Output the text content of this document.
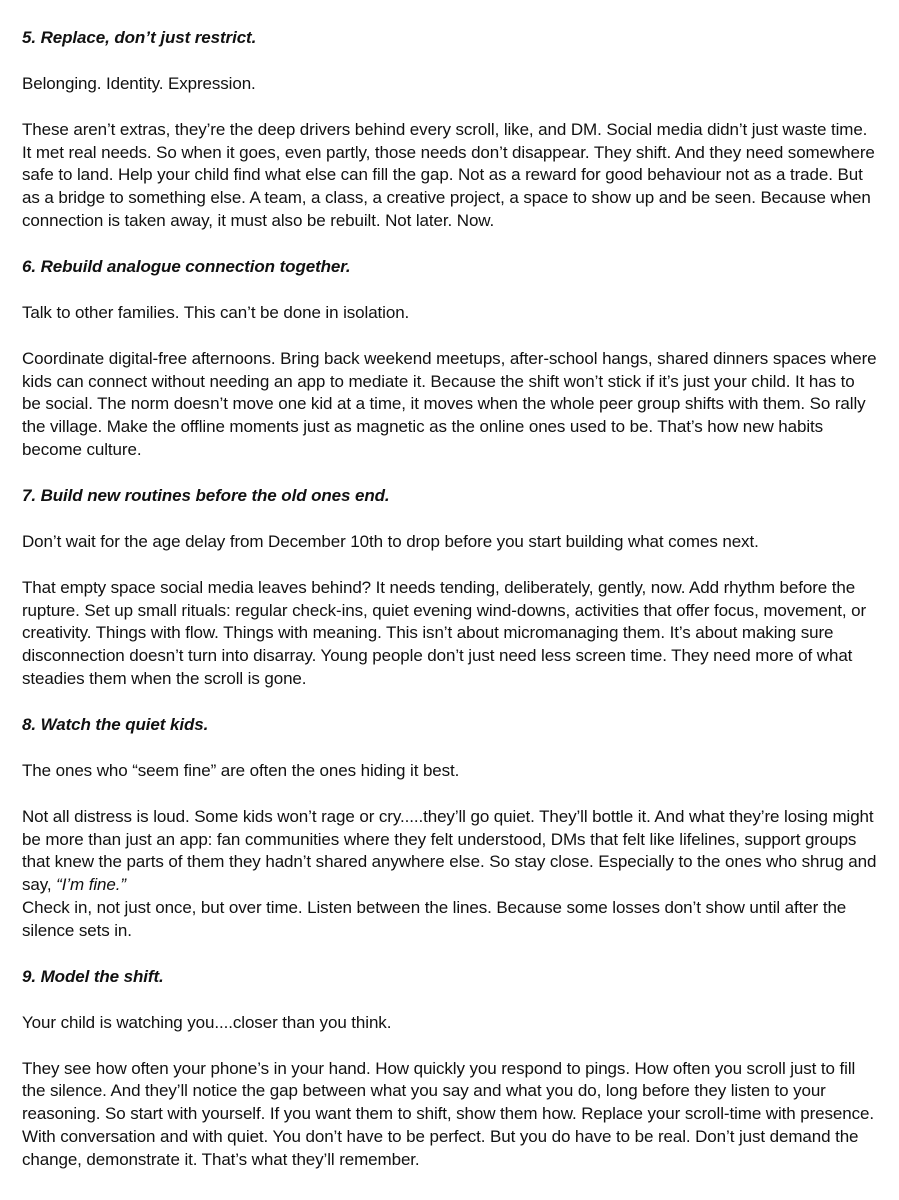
5. Replace, don’t just restrict.

Belonging. Identity. Expression.

These aren’t extras, they’re the deep drivers behind every scroll, like, and DM. Social media didn’t just waste time. It met real needs. So when it goes, even partly, those needs don’t disappear. They shift. And they need somewhere safe to land. Help your child find what else can fill the gap. Not as a reward for good behaviour not as a trade. But as a bridge to something else. A team, a class, a creative project, a space to show up and be seen. Because when connection is taken away, it must also be rebuilt. Not later. Now.

6. Rebuild analogue connection together.

Talk to other families. This can’t be done in isolation.

Coordinate digital-free afternoons. Bring back weekend meetups, after-school hangs, shared dinners spaces where kids can connect without needing an app to mediate it. Because the shift won’t stick if it’s just your child. It has to be social. The norm doesn’t move one kid at a time, it moves when the whole peer group shifts with them. So rally the village. Make the offline moments just as magnetic as the online ones used to be. That’s how new habits become culture.

7. Build new routines before the old ones end.

Don’t wait for the age delay from December 10th to drop before you start building what comes next.

That empty space social media leaves behind? It needs tending, deliberately, gently, now. Add rhythm before the rupture. Set up small rituals: regular check-ins, quiet evening wind-downs, activities that offer focus, movement, or creativity. Things with flow. Things with meaning. This isn’t about micromanaging them. It’s about making sure disconnection doesn’t turn into disarray. Young people don’t just need less screen time. They need more of what steadies them when the scroll is gone.

8. Watch the quiet kids.

The ones who “seem fine” are often the ones hiding it best.

Not all distress is loud. Some kids won’t rage or cry.....they’ll go quiet. They’ll bottle it. And what they’re losing might be more than just an app: fan communities where they felt understood, DMs that felt like lifelines, support groups that knew the parts of them they hadn’t shared anywhere else. So stay close. Especially to the ones who shrug and say, “I’m fine.”
Check in, not just once, but over time. Listen between the lines. Because some losses don’t show until after the silence sets in.

9. Model the shift.

Your child is watching you....closer than you think.

They see how often your phone’s in your hand. How quickly you respond to pings. How often you scroll just to fill the silence. And they’ll notice the gap between what you say and what you do, long before they listen to your reasoning. So start with yourself. If you want them to shift, show them how. Replace your scroll-time with presence. With conversation and with quiet. You don’t have to be perfect. But you do have to be real. Don’t just demand the change, demonstrate it. That’s what they’ll remember.
